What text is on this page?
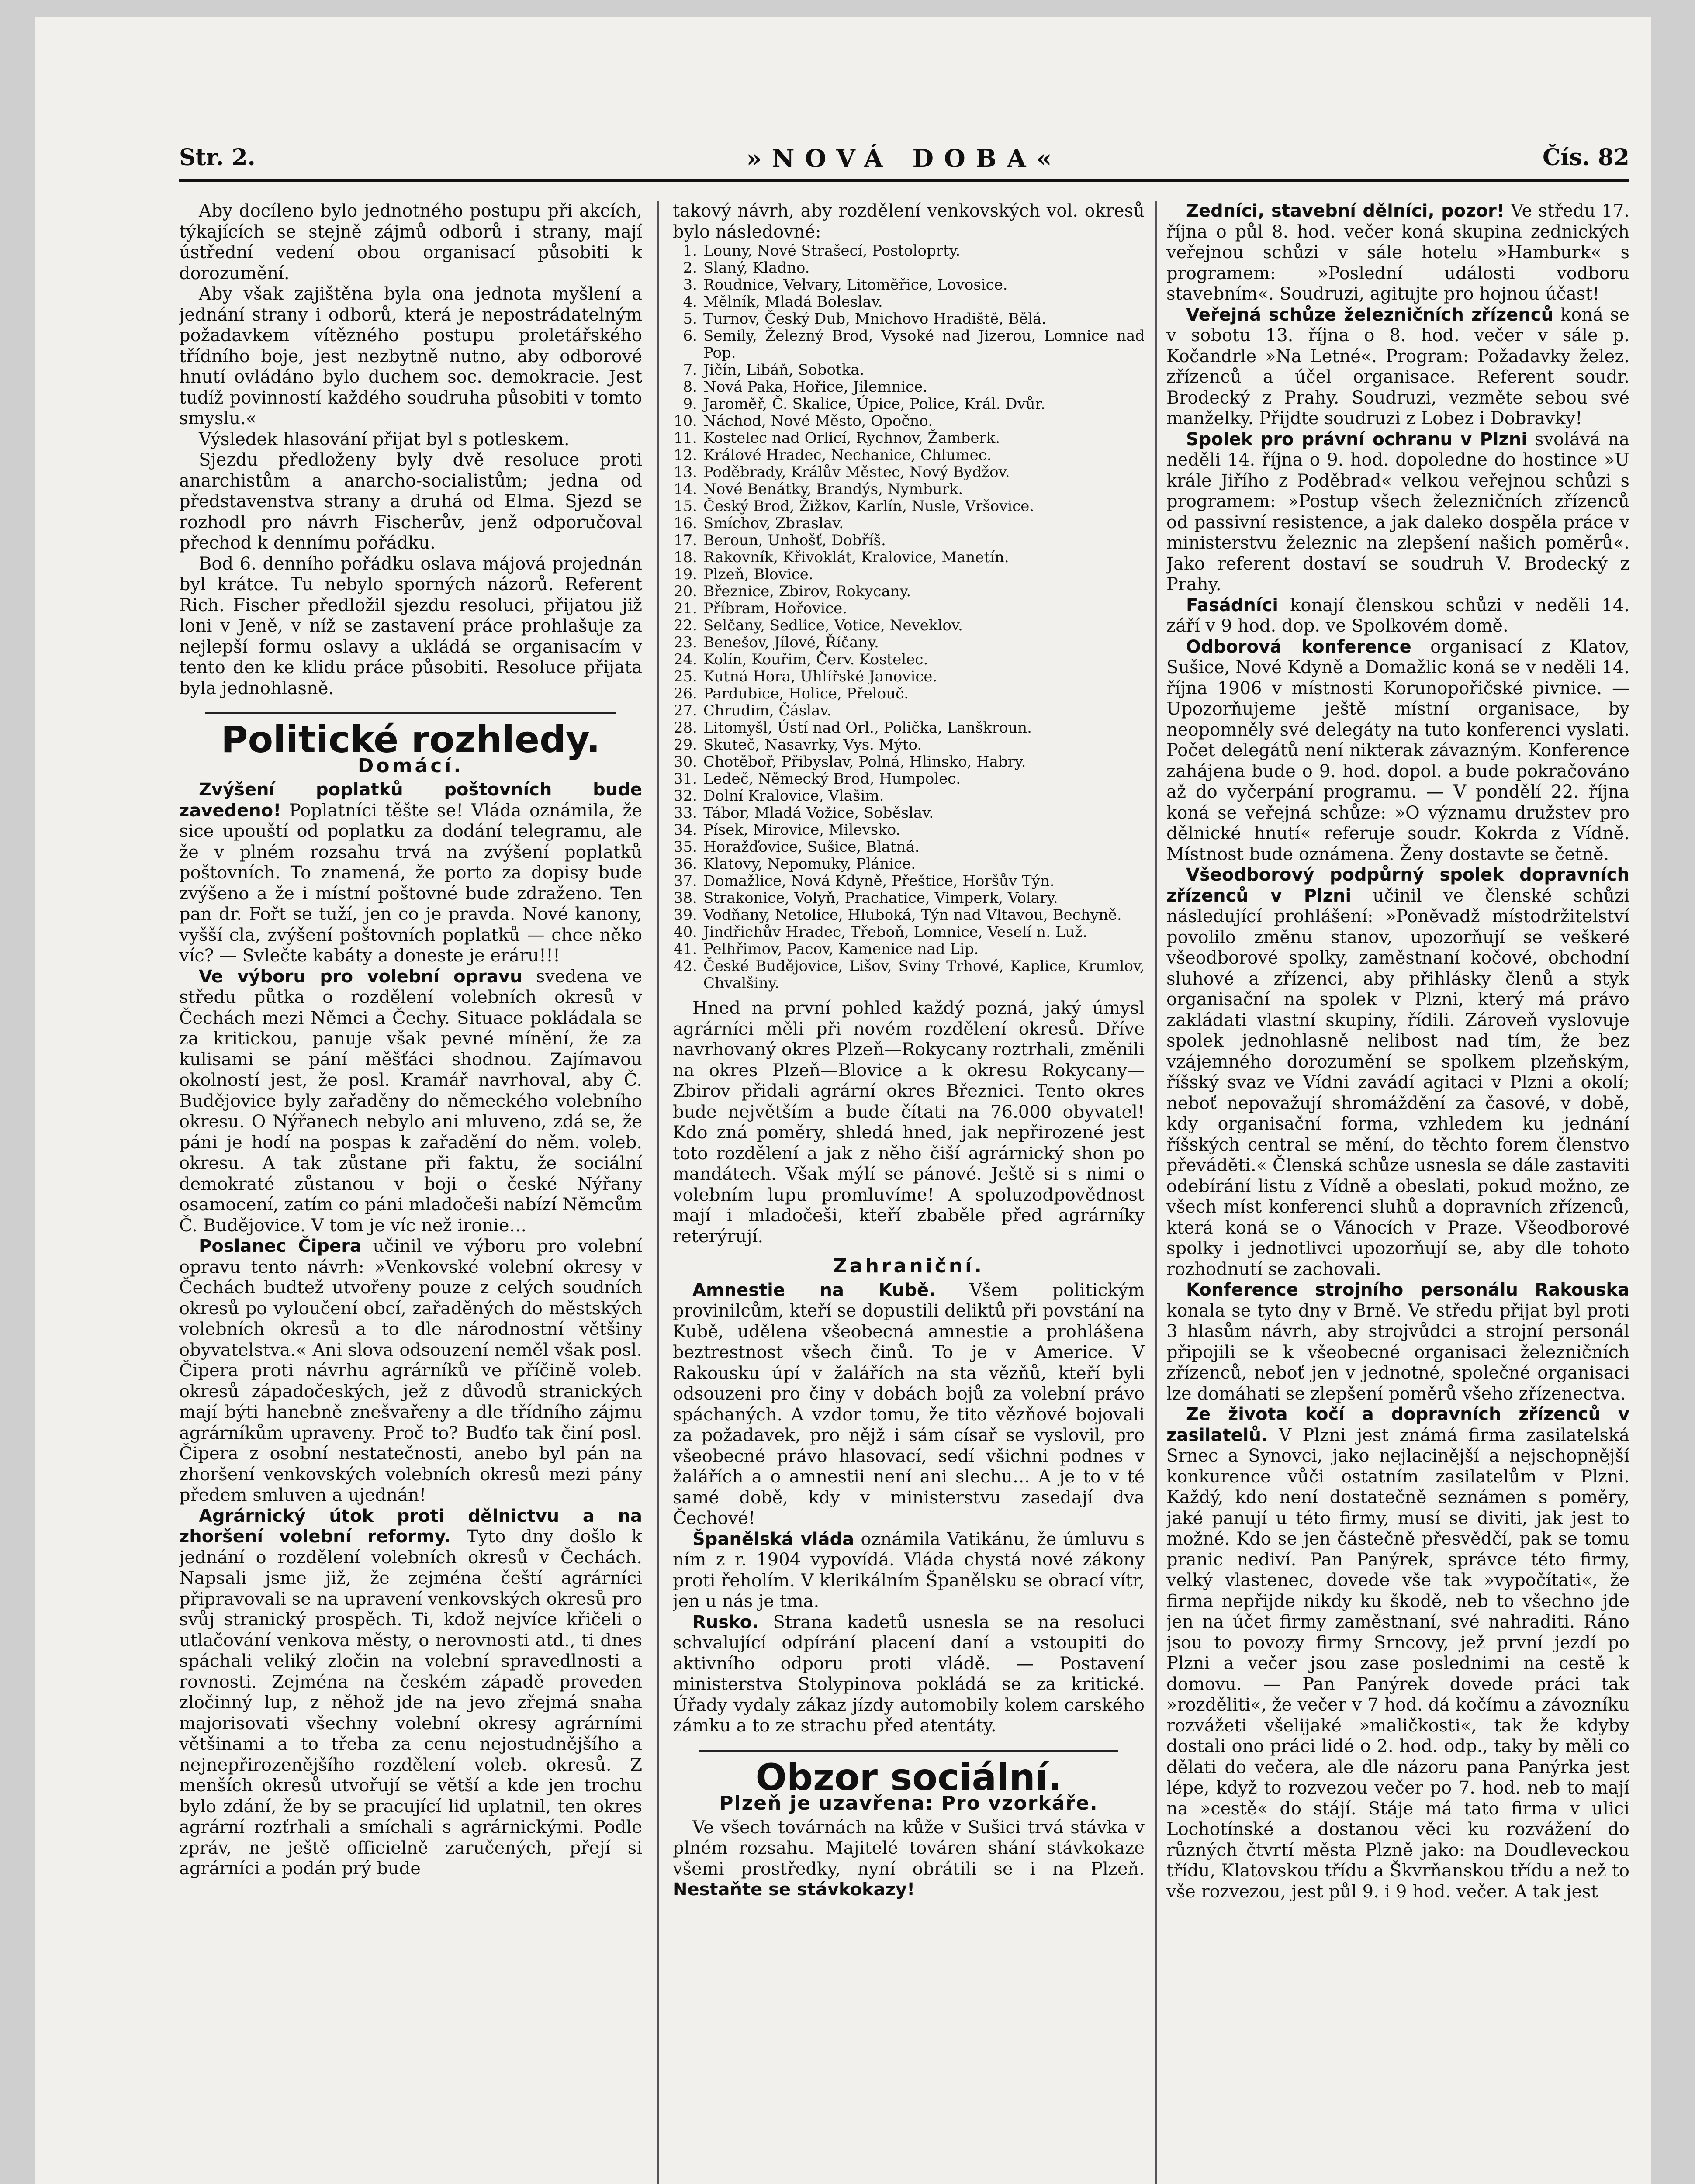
Str. 2.	»NOVÁ DOBA«	Čís. 82

Aby docíleno bylo jednotného postupu při akcích, týkajících se stejně zájmů odborů i strany, mají ústřední vedení obou organisací působiti k dorozumění.

Aby však zajištěna byla ona jednota myšlení a jednání strany i odborů, která je nepostrádatelným požadavkem vítězného postupu proletářského třídního boje, jest nezbytně nutno, aby odborové hnutí ovládáno bylo duchem soc. demokracie. Jest tudíž povinností každého soudruha působiti v tomto smyslu.«

Výsledek hlasování přijat byl s potleskem.

Sjezdu předloženy byly dvě resoluce proti anarchistům a anarcho-socialistům; jedna od představenstva strany a druhá od Elma. Sjezd se rozhodl pro návrh Fischerův, jenž odporučoval přechod k dennímu pořádku.

Bod 6. denního pořádku oslava májová projednán byl krátce. Tu nebylo sporných názorů. Referent Rich. Fischer předložil sjezdu resoluci, přijatou již loni v Jeně, v níž se zastavení práce prohlašuje za nejlepší formu oslavy a ukládá se organisacím v tento den ke klidu práce působiti. Resoluce přijata byla jednohlasně.

Politické rozhledy.
Domácí.

Zvýšení poplatků poštovních bude zavedeno! Poplatníci těšte se! Vláda oznámila, že sice upouští od poplatku za dodání telegramu, ale že v plném rozsahu trvá na zvýšení poplatků poštovních. To znamená, že porto za dopisy bude zvýšeno a že i místní poštovné bude zdraženo. Ten pan dr. Fořt se tuží, jen co je pravda. Nové kanony, vyšší cla, zvýšení poštovních poplatků — chce něko víc? — Svlečte kabáty a doneste je eráru!!!

Ve výboru pro volební opravu svedena ve středu půtka o rozdělení volebních okresů v Čechách mezi Němci a Čechy. Situace pokládala se za kritickou, panuje však pevné mínění, že za kulisami se pání měšťáci shodnou. Zajímavou okolností jest, že posl. Kramář navrhoval, aby Č. Budějovice byly zařaděny do německého volebního okresu. O Nýřanech nebylo ani mluveno, zdá se, že páni je hodí na pospas k zařadění do něm. voleb. okresu. A tak zůstane při faktu, že sociální demokraté zůstanou v boji o české Nýřany osamocení, zatím co páni mladočeši nabízí Němcům Č. Budějovice. V tom je víc než ironie…

Poslanec Čipera učinil ve výboru pro volební opravu tento návrh: »Venkovské volební okresy v Čechách budtež utvořeny pouze z celých soudních okresů po vyloučení obcí, zařaděných do městských volebních okresů a to dle národnostní většiny obyvatelstva.« Ani slova odsouzení neměl však posl. Čipera proti návrhu agrárníků ve příčině voleb. okresů západočeských, jež z důvodů stranických mají býti hanebně znešvařeny a dle třídního zájmu agrárníkům upraveny. Proč to? Budťo tak činí posl. Čipera z osobní nestatečnosti, anebo byl pán na zhoršení venkovských volebních okresů mezi pány předem smluven a ujednán!

Agrárnický útok proti dělnictvu a na zhoršení volební reformy. Tyto dny došlo k jednání o rozdělení volebních okresů v Čechách. Napsali jsme již, že zejména čeští agrárníci připravovali se na upravení venkovských okresů pro svůj stranický prospěch. Ti, kdož nejvíce křičeli o utlačování venkova městy, o nerovnosti atd., ti dnes spáchali veliký zločin na volební spravedlnosti a rovnosti. Zejména na českém západě proveden zločinný lup, z něhož jde na jevo zřejmá snaha majorisovati všechny volební okresy agrárními většinami a to třeba za cenu nejostudnějšího a nejnepřirozenějšího rozdělení voleb. okresů. Z menších okresů utvořují se větší a kde jen trochu bylo zdání, že by se pracující lid uplatnil, ten okres agrární rozťrhali a smíchali s agrárnickými. Podle zpráv, ne ještě officielně zaručených, přejí si agrárníci a podán prý bude

takový návrh, aby rozdělení venkovských vol. okresů bylo následovné:

1. Louny, Nové Strašecí, Postoloprty.
2. Slaný, Kladno.
3. Roudnice, Velvary, Litoměřice, Lovosice.
4. Mělník, Mladá Boleslav.
5. Turnov, Český Dub, Mnichovo Hradiště, Bělá.
6. Semily, Železný Brod, Vysoké nad Jizerou, Lomnice nad Pop.
7. Jičín, Libáň, Sobotka.
8. Nová Paka, Hořice, Jilemnice.
9. Jaroměř, Č. Skalice, Úpice, Police, Král. Dvůr.
10. Náchod, Nové Město, Opočno.
11. Kostelec nad Orlicí, Rychnov, Žamberk.
12. Králové Hradec, Nechanice, Chlumec.
13. Poděbrady, Králův Městec, Nový Bydžov.
14. Nové Benátky, Brandýs, Nymburk.
15. Český Brod, Žižkov, Karlín, Nusle, Vršovice.
16. Smíchov, Zbraslav.
17. Beroun, Unhošť, Dobříš.
18. Rakovník, Křivoklát, Kralovice, Manetín.
19. Plzeň, Blovice.
20. Březnice, Zbirov, Rokycany.
21. Příbram, Hořovice.
22. Selčany, Sedlice, Votice, Neveklov.
23. Benešov, Jílové, Říčany.
24. Kolín, Kouřim, Červ. Kostelec.
25. Kutná Hora, Uhlířské Janovice.
26. Pardubice, Holice, Přelouč.
27. Chrudim, Čáslav.
28. Litomyšl, Ústí nad Orl., Polička, Lanškroun.
29. Skuteč, Nasavrky, Vys. Mýto.
30. Chotěboř, Přibyslav, Polná, Hlinsko, Habry.
31. Ledeč, Německý Brod, Humpolec.
32. Dolní Kralovice, Vlašim.
33. Tábor, Mladá Vožice, Soběslav.
34. Písek, Mirovice, Milevsko.
35. Horažďovice, Sušice, Blatná.
36. Klatovy, Nepomuky, Plánice.
37. Domažlice, Nová Kdyně, Přeštice, Horšův Týn.
38. Strakonice, Volyň, Prachatice, Vimperk, Volary.
39. Vodňany, Netolice, Hluboká, Týn nad Vltavou, Bechyně.
40. Jindřichův Hradec, Třeboň, Lomnice, Veselí n. Luž.
41. Pelhřimov, Pacov, Kamenice nad Lip.
42. České Budějovice, Lišov, Sviny Trhové, Kaplice, Krumlov, Chvalšiny.

Hned na první pohled každý pozná, jaký úmysl agrárníci měli při novém rozdělení okresů. Dříve navrhovaný okres Plzeň—Rokycany roztrhali, změnili na okres Plzeň—Blovice a k okresu Rokycany—Zbirov přidali agrární okres Březnici. Tento okres bude největším a bude čítati na 76.000 obyvatel! Kdo zná poměry, shledá hned, jak nepřirozené jest toto rozdělení a jak z něho čiší agrárnický shon po mandátech. Však mýlí se pánové. Ještě si s nimi o volebním lupu promluvíme! A spoluzodpovědnost mají i mladočeši, kteří zbaběle před agrárníky reterýrují.

Zahraniční.

Amnestie na Kubě. Všem politickým provinilcům, kteří se dopustili deliktů při povstání na Kubě, udělena všeobecná amnestie a prohlášena beztrestnost všech činů. To je v Americe. V Rakousku úpí v žalářích na sta vězňů, kteří byli odsouzeni pro činy v dobách bojů za volební právo spáchaných. A vzdor tomu, že tito vězňové bojovali za požadavek, pro nějž i sám císař se vyslovil, pro všeobecné právo hlasovací, sedí všichni podnes v žalářích a o amnestii není ani slechu… A je to v té samé době, kdy v ministerstvu zasedají dva Čechové!

Španělská vláda oznámila Vatikánu, že úmluvu s ním z r. 1904 vypovídá. Vláda chystá nové zákony proti řeholím. V klerikálním Španělsku se obrací vítr, jen u nás je tma.

Rusko. Strana kadetů usnesla se na resoluci schvalující odpírání placení daní a vstoupiti do aktivního odporu proti vládě. — Postavení ministerstva Stolypinova pokládá se za kritické. Úřady vydaly zákaz jízdy automobily kolem carského zámku a to ze strachu před atentáty.

Obzor sociální.
Plzeň je uzavřena: Pro vzorkáře.

Ve všech továrnách na kůže v Sušici trvá stávka v plném rozsahu. Majitelé továren shání stávkokaze všemi prostředky, nyní obrátili se i na Plzeň. Nestaňte se stávkokazy!

Zedníci, stavební dělníci, pozor! Ve středu 17. října o půl 8. hod. večer koná skupina zednických veřejnou schůzi v sále hotelu »Hamburk« s programem: »Poslední události vodboru stavebním«. Soudruzi, agitujte pro hojnou účast!

Veřejná schůze železničních zřízenců koná se v sobotu 13. října o 8. hod. večer v sále p. Kočandrle »Na Letné«. Program: Požadavky želez. zřízenců a účel organisace. Referent soudr. Brodecký z Prahy. Soudruzi, vezměte sebou své manželky. Přijdte soudruzi z Lobez i Dobravky!

Spolek pro právní ochranu v Plzni svolává na neděli 14. října o 9. hod. dopoledne do hostince »U krále Jiřího z Poděbrad« velkou veřejnou schůzi s programem: »Postup všech železničních zřízenců od passivní resistence, a jak daleko dospěla práce v ministerstvu železnic na zlepšení našich poměrů«. Jako referent dostaví se soudruh V. Brodecký z Prahy.

Fasádníci konají členskou schůzi v neděli 14. září v 9 hod. dop. ve Spolkovém domě.

Odborová konference organisací z Klatov, Sušice, Nové Kdyně a Domažlic koná se v neděli 14. října 1906 v místnosti Korunopořičské pivnice. — Upozorňujeme ještě místní organisace, by neopomněly své delegáty na tuto konferenci vyslati. Počet delegátů není nikterak závazným. Konference zahájena bude o 9. hod. dopol. a bude pokračováno až do vyčerpání programu. — V pondělí 22. října koná se veřejná schůze: »O významu družstev pro dělnické hnutí« referuje soudr. Kokrda z Vídně. Místnost bude oznámena. Ženy dostavte se četně.

Všeodborový podpůrný spolek dopravních zřízenců v Plzni učinil ve členské schůzi následující prohlášení: »Poněvadž místodržitelství povolilo změnu stanov, upozorňují se veškeré všeodborové spolky, zaměstnaní kočové, obchodní sluhové a zřízenci, aby přihlásky členů a styk organisační na spolek v Plzni, který má právo zakládati vlastní skupiny, řídili. Zároveň vyslovuje spolek jednohlasně nelibost nad tím, že bez vzájemného dorozumění se spolkem plzeňským, říšský svaz ve Vídni zavádí agitaci v Plzni a okolí; neboť nepovažují shromáždění za časové, v době, kdy organisační forma, vzhledem ku jednání říšských central se mění, do těchto forem členstvo převáděti.« Členská schůze usnesla se dále zastaviti odebírání listu z Vídně a obeslati, pokud možno, ze všech míst konferenci sluhů a dopravních zřízenců, která koná se o Vánocích v Praze. Všeodborové spolky i jednotlivci upozorňují se, aby dle tohoto rozhodnutí se zachovali.

Konference strojního personálu Rakouska konala se tyto dny v Brně. Ve středu přijat byl proti 3 hlasům návrh, aby strojvůdci a strojní personál připojili se k všeobecné organisaci železničních zřízenců, neboť jen v jednotné, společné organisaci lze domáhati se zlepšení poměrů všeho zřízenectva.

Ze života kočí a dopravních zřízenců v zasilatelů. V Plzni jest známá firma zasilatelská Srnec a Synovci, jako nejlacinější a nejschopnější konkurence vůči ostatním zasilatelům v Plzni. Každý, kdo není dostatečně seznámen s poměry, jaké panují u této firmy, musí se diviti, jak jest to možné. Kdo se jen částečně přesvědčí, pak se tomu pranic nediví. Pan Panýrek, správce této firmy, velký vlastenec, dovede vše tak »vypočítati«, že firma nepřijde nikdy ku škodě, neb to všechno jde jen na účet firmy zaměstnaní, své nahraditi. Ráno jsou to povozy firmy Srncovy, jež první jezdí po Plzni a večer jsou zase poslednimi na cestě k domovu. — Pan Panýrek dovede práci tak »rozděliti«, že večer v 7 hod. dá kočímu a závozníku rozvážeti všelijaké »maličkosti«, tak že kdyby dostali ono práci lidé o 2. hod. odp., taky by měli co dělati do večera, ale dle názoru pana Panýrka jest lépe, když to rozvezou večer po 7. hod. neb to mají na »cestě« do stájí. Stáje má tato firma v ulici Lochotínské a dostanou věci ku rozvážení do různých čtvrtí města Plzně jako: na Doudleveckou třídu, Klatovskou třídu a Škvrňanskou třídu a než to vše rozvezou, jest půl 9. i 9 hod. večer. A tak jest
